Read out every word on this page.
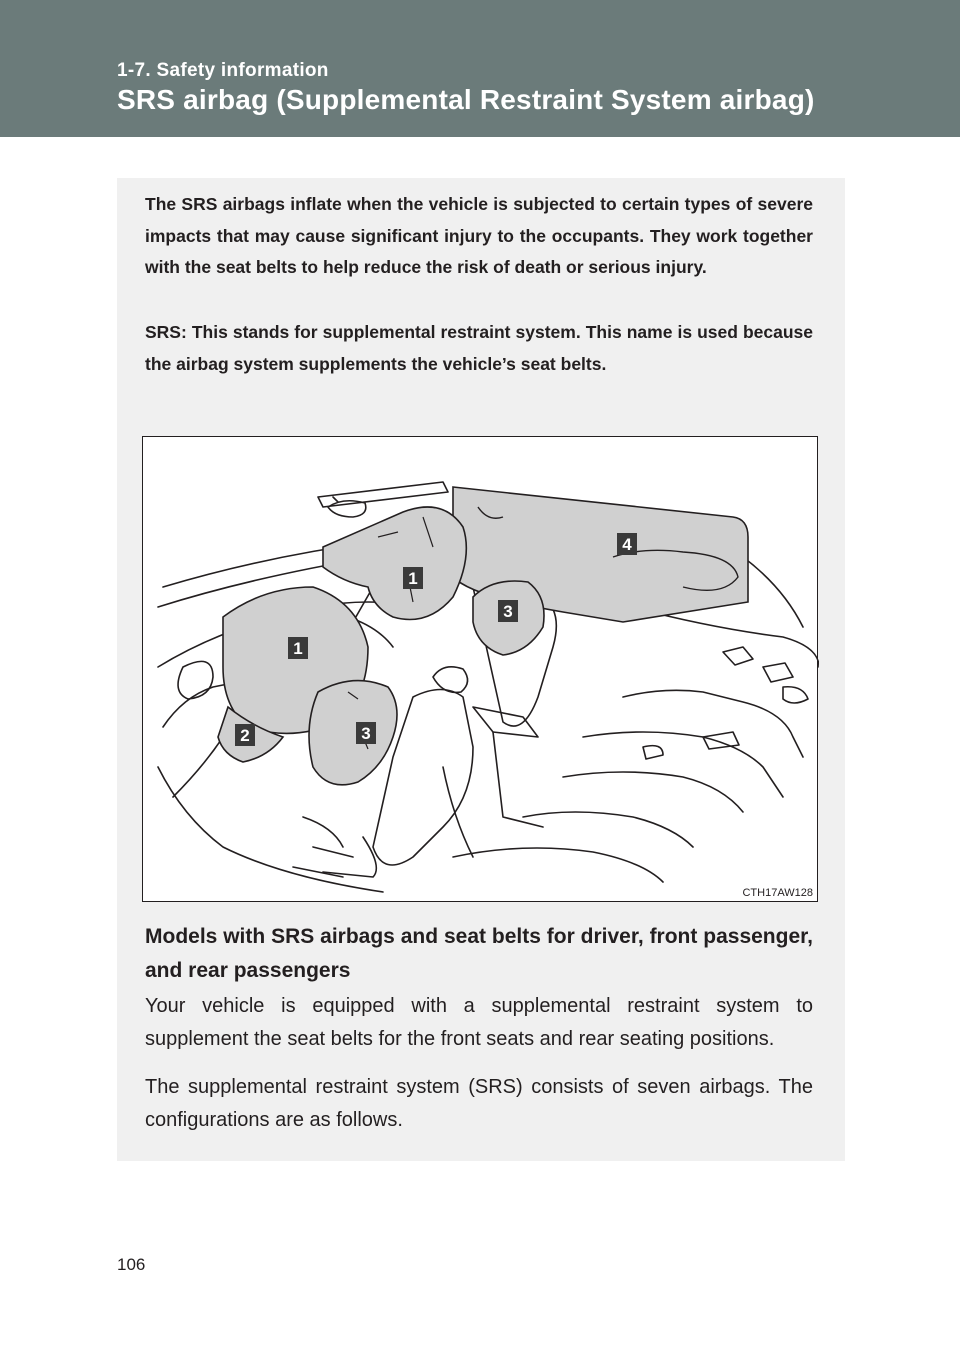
1-7. Safety information
SRS airbag (Supplemental Restraint System airbag)

The SRS airbags inflate when the vehicle is subjected to certain types of severe impacts that may cause significant injury to the occupants. They work together with the seat belts to help reduce the risk of death or serious injury.

SRS: This stands for supplemental restraint system. This name is used because the airbag system supplements the vehicle’s seat belts.

1
1
2
3
3
4
CTH17AW128

Models with SRS airbags and seat belts for driver, front passenger, and rear passengers

Your vehicle is equipped with a supplemental restraint system to supplement the seat belts for the front seats and rear seating positions.

The supplemental restraint system (SRS) consists of seven airbags. The configurations are as follows.

106
